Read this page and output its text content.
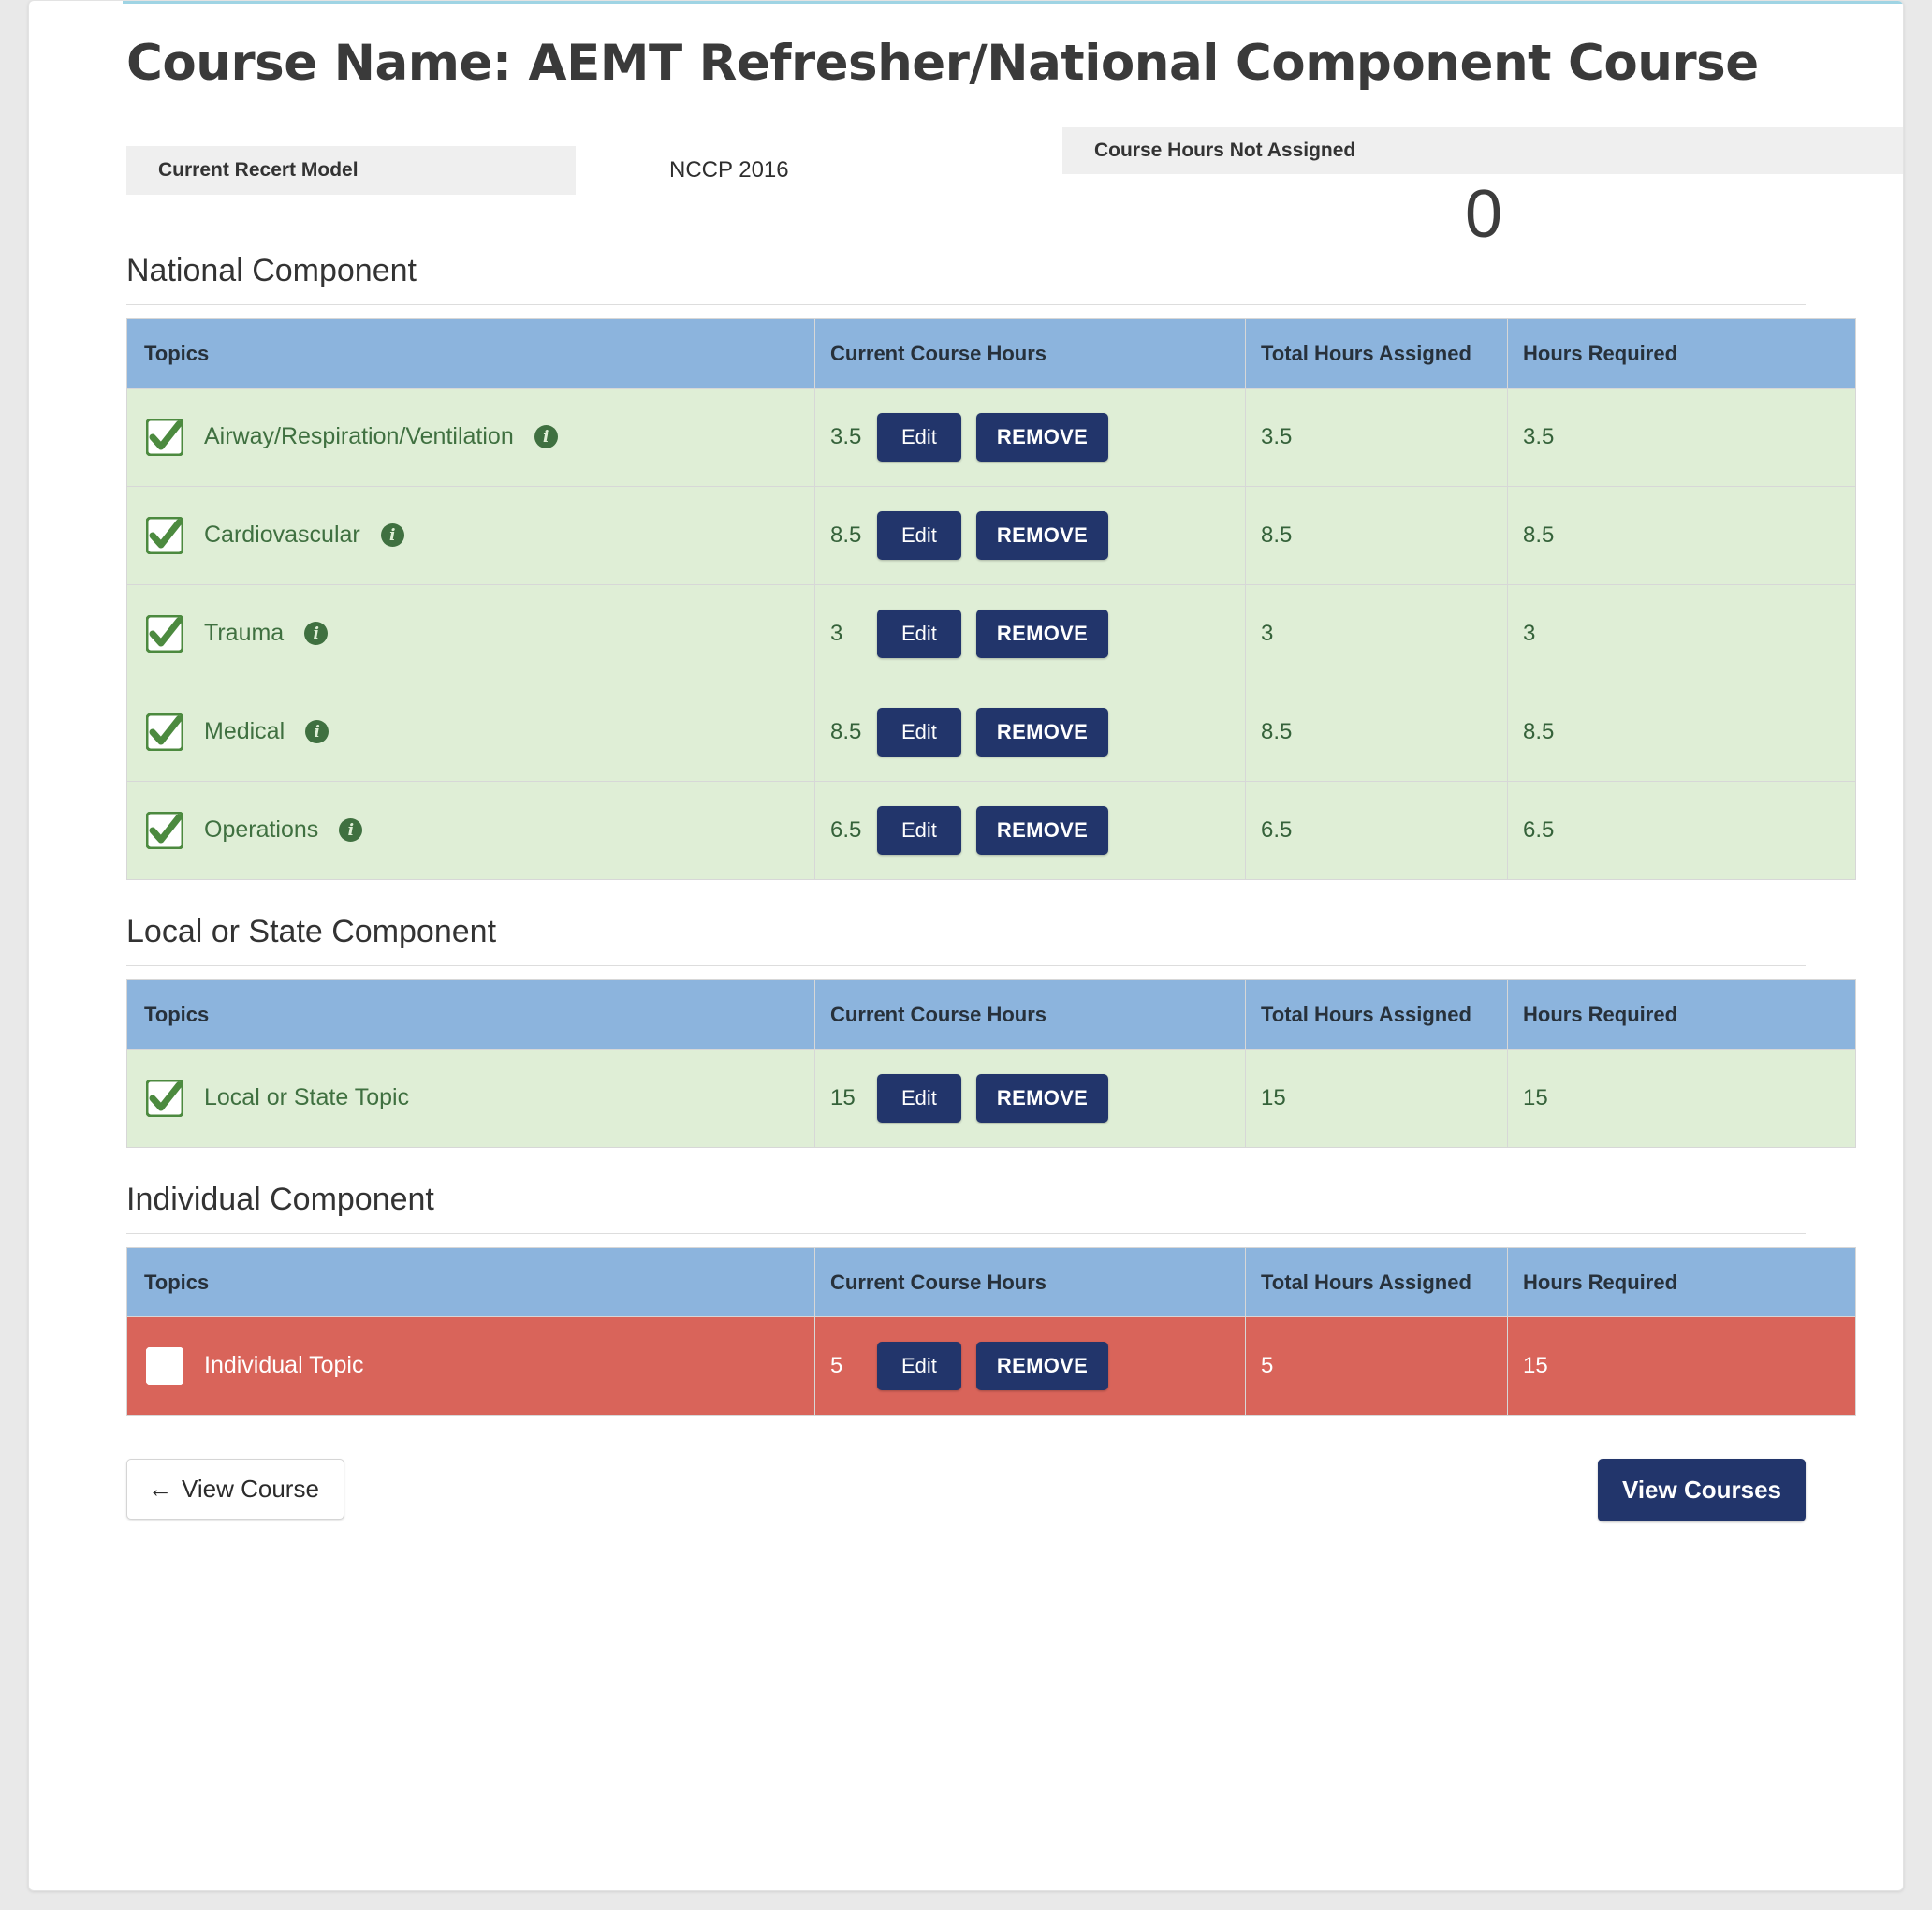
Course Name: AEMT Refresher/National Component Course
Current Recert Model	NCCP 2016
Course Hours Not Assigned
0
National Component
Topics	Current Course Hours	Total Hours Assigned	Hours Required

Airway/Respiration/Ventilation i	3.5 Edit REMOVE	3.5	3.5

Cardiovascular i	8.5 Edit REMOVE	8.5	8.5

Trauma i	3 Edit REMOVE	3	3

Medical i	8.5 Edit REMOVE	8.5	8.5

Operations i	6.5 Edit REMOVE	6.5	6.5
Local or State Component
Topics	Current Course Hours	Total Hours Assigned	Hours Required

Local or State Topic	15 Edit REMOVE	15	15
Individual Component
Topics	Current Course Hours	Total Hours Assigned	Hours Required

Individual Topic	5 Edit REMOVE	5	15
← View Course	View Courses
